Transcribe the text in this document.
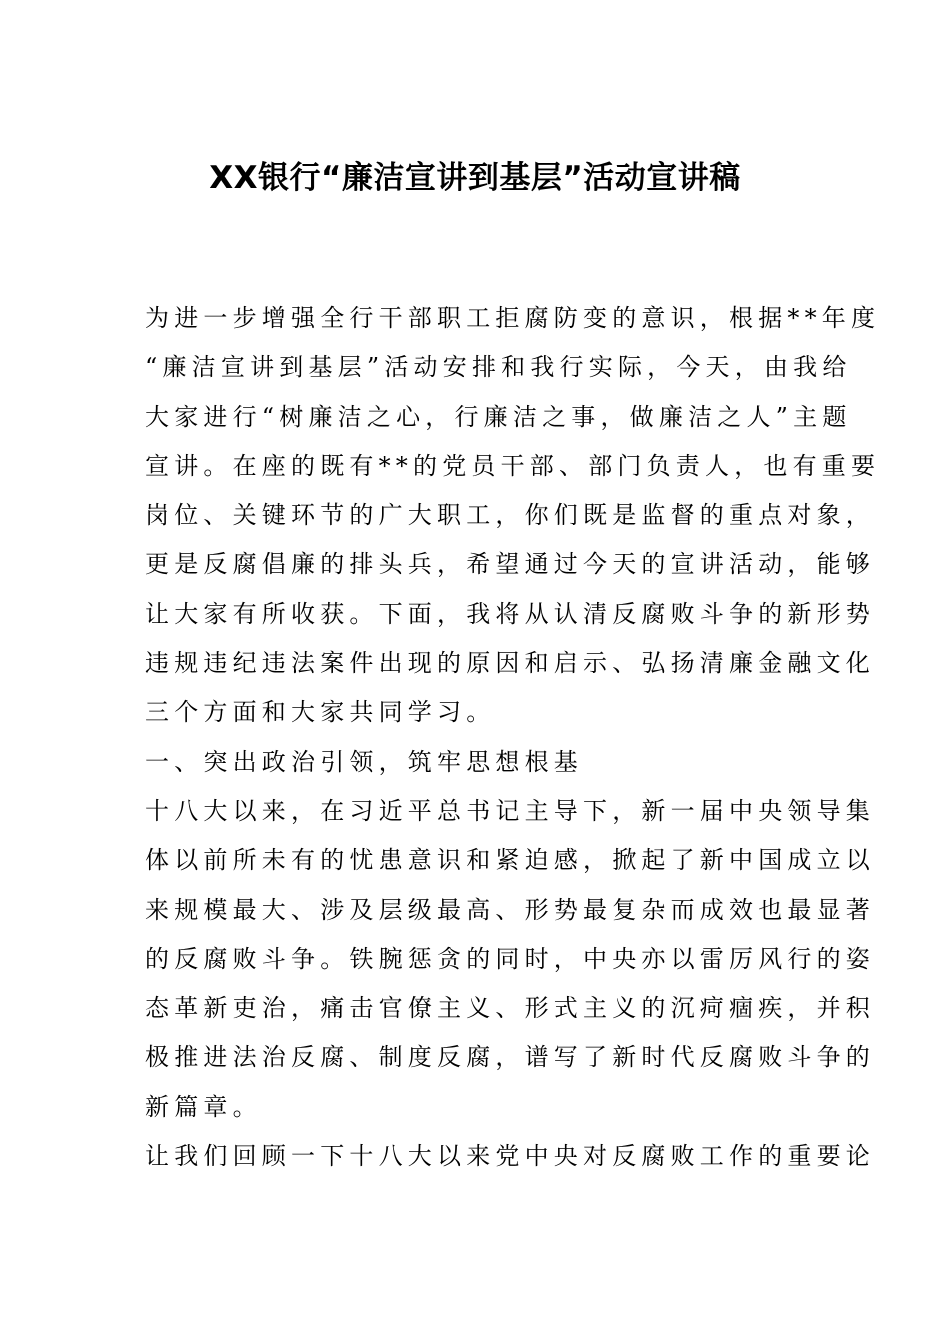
XX银行“廉洁宣讲到基层”活动宣讲稿
为进一步增强全行干部职工拒腐防变的意识，根据**年度
“廉洁宣讲到基层”活动安排和我行实际，今天，由我给
大家进行“树廉洁之心，行廉洁之事，做廉洁之人”主题
宣讲。在座的既有**的党员干部、部门负责人，也有重要
岗位、关键环节的广大职工，你们既是监督的重点对象，
更是反腐倡廉的排头兵，希望通过今天的宣讲活动，能够
让大家有所收获。下面，我将从认清反腐败斗争的新形势
违规违纪违法案件出现的原因和启示、弘扬清廉金融文化
三个方面和大家共同学习。
一、突出政治引领，筑牢思想根基
十八大以来，在习近平总书记主导下，新一届中央领导集
体以前所未有的忧患意识和紧迫感，掀起了新中国成立以
来规模最大、涉及层级最高、形势最复杂而成效也最显著
的反腐败斗争。铁腕惩贪的同时，中央亦以雷厉风行的姿
态革新吏治，痛击官僚主义、形式主义的沉疴痼疾，并积
极推进法治反腐、制度反腐，谱写了新时代反腐败斗争的
新篇章。
让我们回顾一下十八大以来党中央对反腐败工作的重要论
